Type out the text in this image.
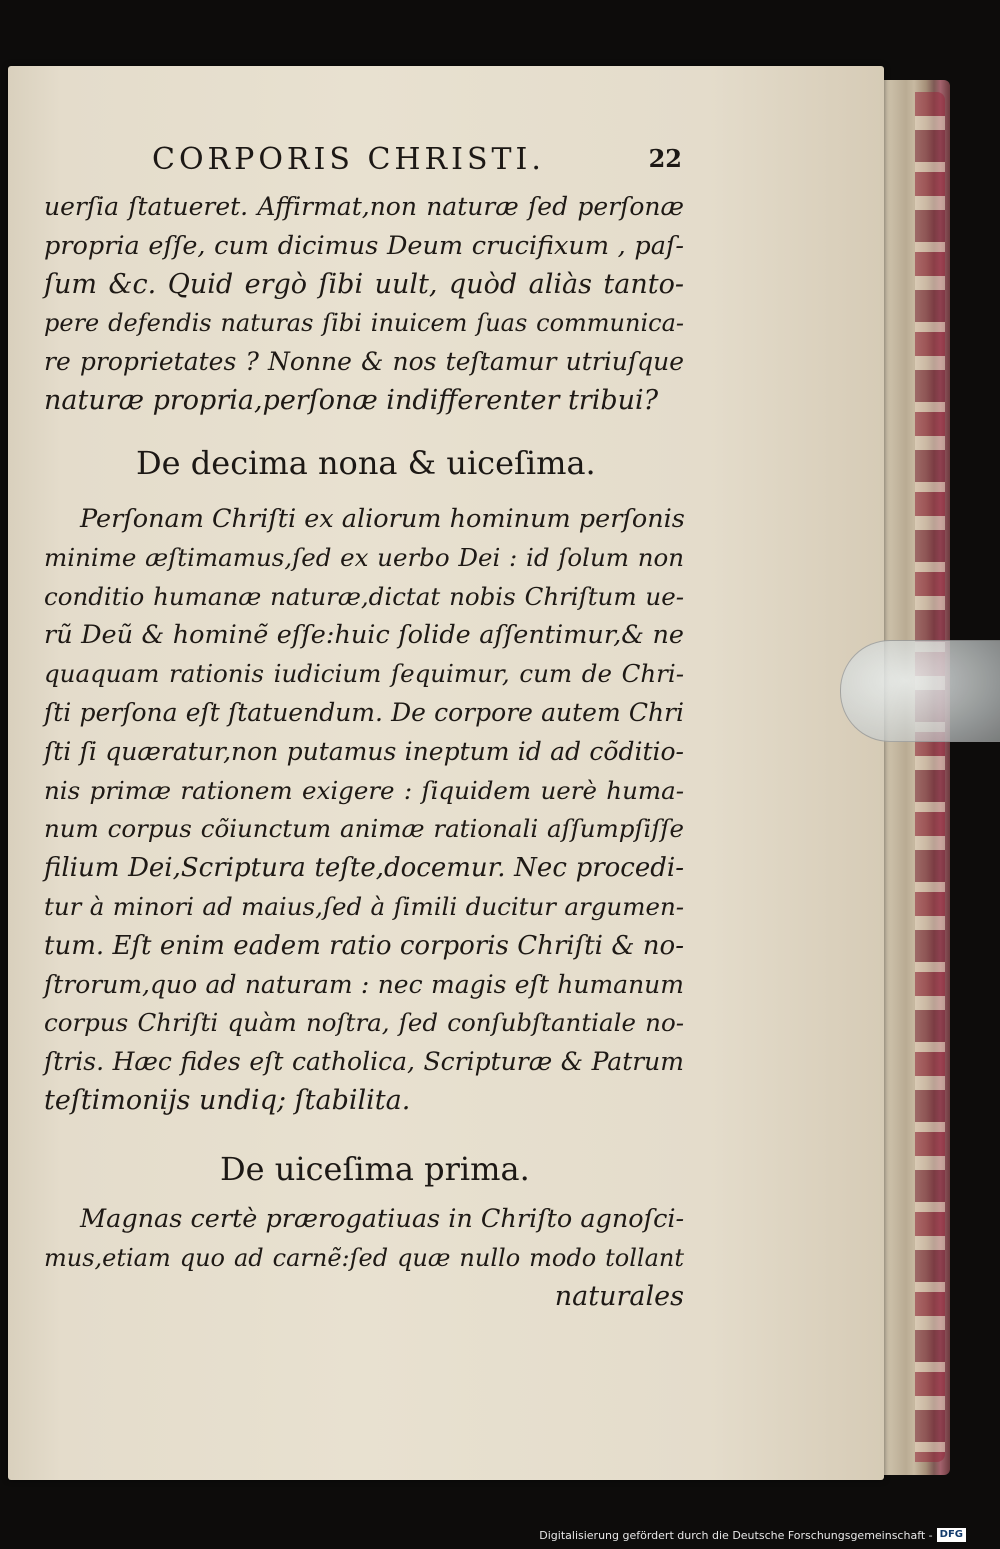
CORPORIS CHRISTI.	22
uerſia ſtatueret. Affirmat,non naturæ ſed perſonæ
propria eſſe, cum dicimus Deum crucifixum , paſ-
ſum &c. Quid ergò ſibi uult, quòd aliàs tanto-
pere defendis naturas ſibi inuicem ſuas communica-
re proprietates ? Nonne & nos teſtamur utriuſque
naturæ propria,perſonæ indifferenter tribui?
De decima nona & uiceſima.
Perſonam Chriſti ex aliorum hominum perſonis
minime æſtimamus,ſed ex uerbo Dei : id ſolum non
conditio humanæ naturæ,dictat nobis Chriſtum ue-
rũ Deũ & hominẽ eſſe:huic ſolide aſſentimur,& ne
quaquam rationis iudicium ſequimur, cum de Chri-
ſti perſona eſt ſtatuendum. De corpore autem Chri
ſti ſi quæratur,non putamus ineptum id ad cõditio-
nis primæ rationem exigere : ſiquidem uerè huma-
num corpus cõiunctum animæ rationali aſſumpſiſſe
filium Dei,Scriptura teſte,docemur. Nec procedi-
tur à minori ad maius,ſed à ſimili ducitur argumen-
tum. Eſt enim eadem ratio corporis Chriſti & no-
ſtrorum,quo ad naturam : nec magis eſt humanum
corpus Chriſti quàm noſtra, ſed conſubſtantiale no-
ſtris. Hæc fides eſt catholica, Scripturæ & Patrum
teſtimonijs undiq; ſtabilita.
De uiceſima prima.
Magnas certè prærogatiuas in Chriſto agnoſci-
mus,etiam quo ad carnẽ:ſed quæ nullo modo tollant
naturales
Digitalisierung gefördert durch die Deutsche Forschungsgemeinschaft - DFG
